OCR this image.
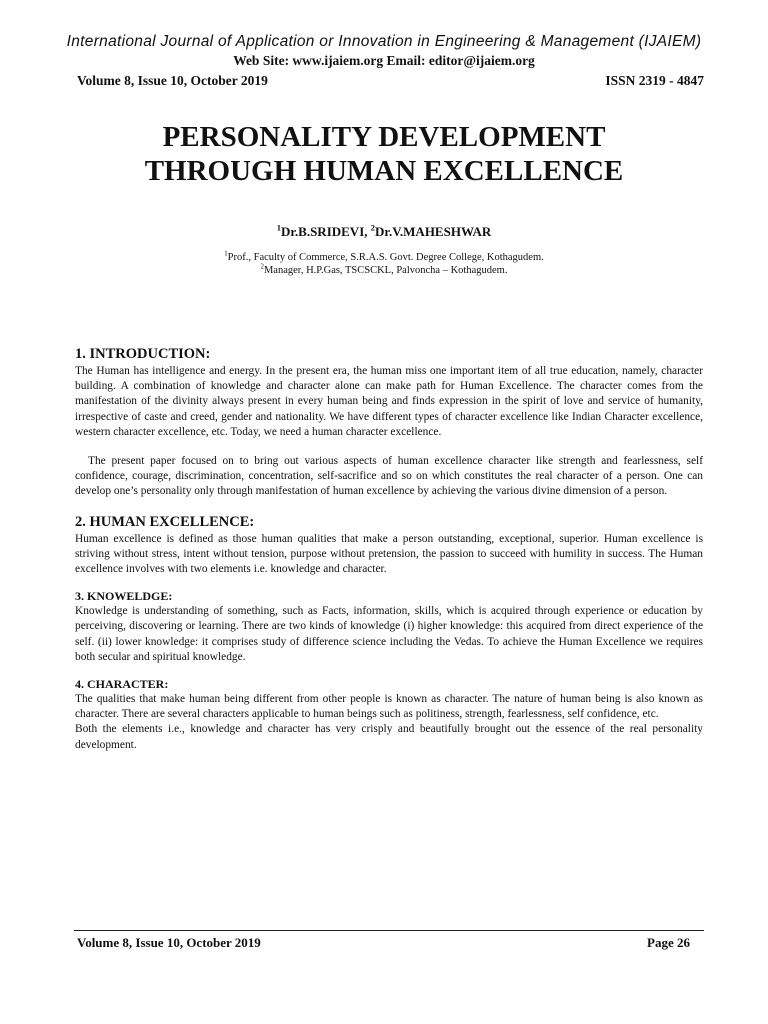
International Journal of Application or Innovation in Engineering & Management (IJAIEM)
Web Site: www.ijaiem.org Email: editor@ijaiem.org
Volume 8, Issue 10, October 2019	ISSN 2319 - 4847
PERSONALITY DEVELOPMENT
THROUGH HUMAN EXCELLENCE
$^1$Dr.B.SRIDEVI, $^2$Dr.V.MAHESHWAR
$^1$Prof., Faculty of Commerce, S.R.A.S. Govt. Degree College, Kothagudem.
$^2$Manager, H.P.Gas, TSCSCKL, Palvoncha – Kothagudem.
1. INTRODUCTION:

The Human has intelligence and energy. In the present era, the human miss one important item of all true education, namely, character building. A combination of knowledge and character alone can make path for Human Excellence. The character comes from the manifestation of the divinity always present in every human being and finds expression in the spirit of love and service of humanity, irrespective of caste and creed, gender and nationality. We have different types of character excellence like Indian Character excellence, western character excellence, etc. Today, we need a human character excellence.

The present paper focused on to bring out various aspects of human excellence character like strength and fearlessness, self confidence, courage, discrimination, concentration, self-sacrifice and so on which constitutes the real character of a person. One can develop one’s personality only through manifestation of human excellence by achieving the various divine dimension of a person.

2. HUMAN EXCELLENCE:

Human excellence is defined as those human qualities that make a person outstanding, exceptional, superior. Human excellence is striving without stress, intent without tension, purpose without pretension, the passion to succeed with humility in success. The Human excellence involves with two elements i.e. knowledge and character.

3. KNOWELDGE:

Knowledge is understanding of something, such as Facts, information, skills, which is acquired through experience or education by perceiving, discovering or learning. There are two kinds of knowledge (i) higher knowledge: this acquired from direct experience of the self. (ii) lower knowledge: it comprises study of difference science including the Vedas. To achieve the Human Excellence we requires both secular and spiritual knowledge.

4. CHARACTER:

The qualities that make human being different from other people is known as character. The nature of human being is also known as character. There are several characters applicable to human beings such as politiness, strength, fearlessness, self confidence, etc.

Both the elements i.e., knowledge and character has very crisply and beautifully brought out the essence of the real personality development.

Volume 8, Issue 10, October 2019	Page 26
